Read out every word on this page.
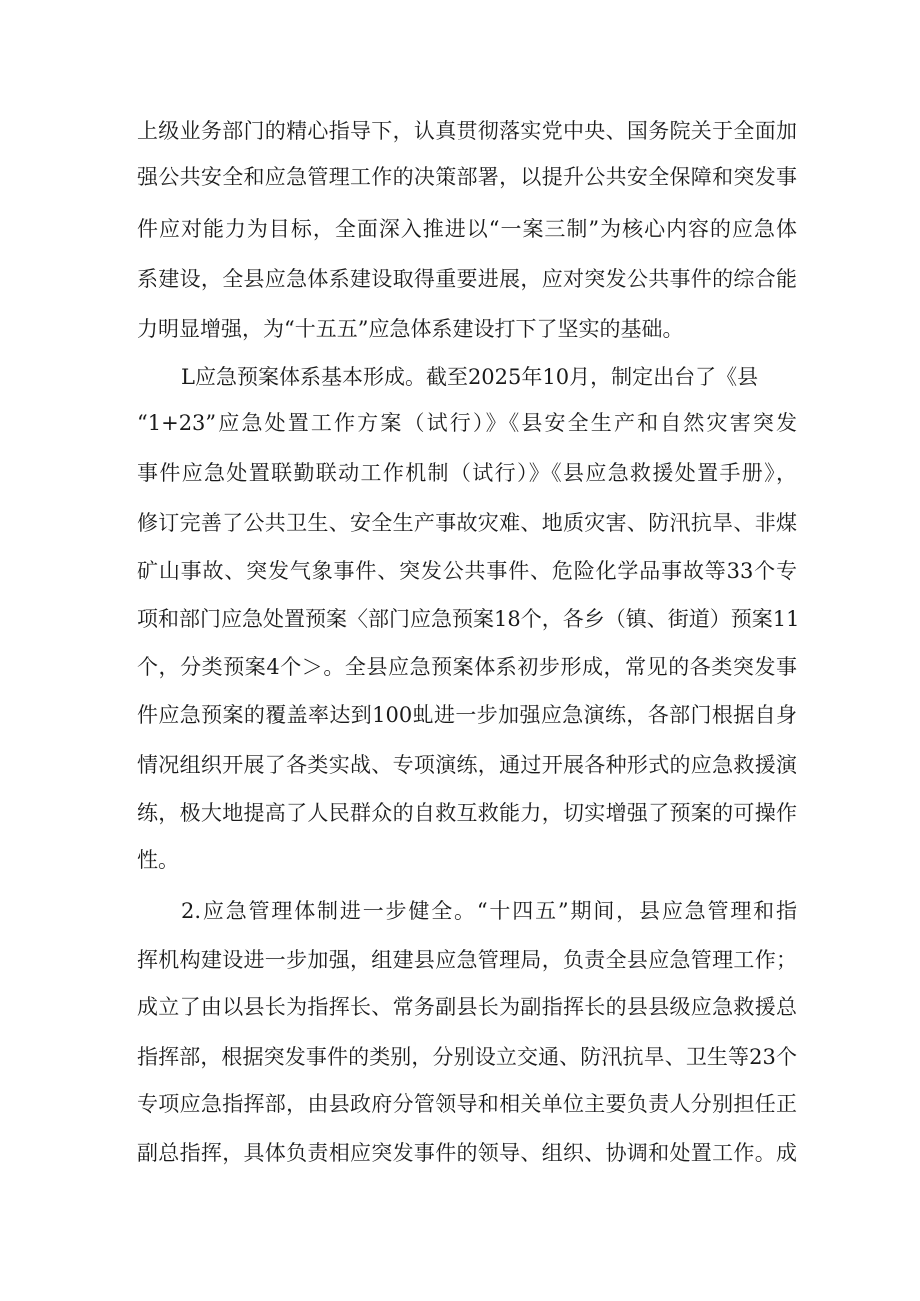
上级业务部门的精心指导下，认真贯彻落实党中央、国务院关于全面加
强公共安全和应急管理工作的决策部署，以提升公共安全保障和突发事
件应对能力为目标，全面深入推进以“一案三制”为核心内容的应急体
系建设，全县应急体系建设取得重要进展，应对突发公共事件的综合能
力明显增强，为“十五五”应急体系建设打下了坚实的基础。
L应急预案体系基本形成。截至2025年10月，制定出台了《县
“1+23”应急处置工作方案（试行）》《县安全生产和自然灾害突发
事件应急处置联勤联动工作机制（试行）》《县应急救援处置手册》，
修订完善了公共卫生、安全生产事故灾难、地质灾害、防汛抗旱、非煤
矿山事故、突发气象事件、突发公共事件、危险化学品事故等33个专
项和部门应急处置预案〈部门应急预案18个，各乡（镇、街道）预案11
个，分类预案4个＞。全县应急预案体系初步形成，常见的各类突发事
件应急预案的覆盖率达到100虬进一步加强应急演练，各部门根据自身
情况组织开展了各类实战、专项演练，通过开展各种形式的应急救援演
练，极大地提高了人民群众的自救互救能力，切实增强了预案的可操作
性。
2.应急管理体制进一步健全。“十四五”期间，县应急管理和指
挥机构建设进一步加强，组建县应急管理局，负责全县应急管理工作；
成立了由以县长为指挥长、常务副县长为副指挥长的县县级应急救援总
指挥部，根据突发事件的类别，分别设立交通、防汛抗旱、卫生等23个
专项应急指挥部，由县政府分管领导和相关单位主要负责人分别担任正
副总指挥，具体负责相应突发事件的领导、组织、协调和处置工作。成
